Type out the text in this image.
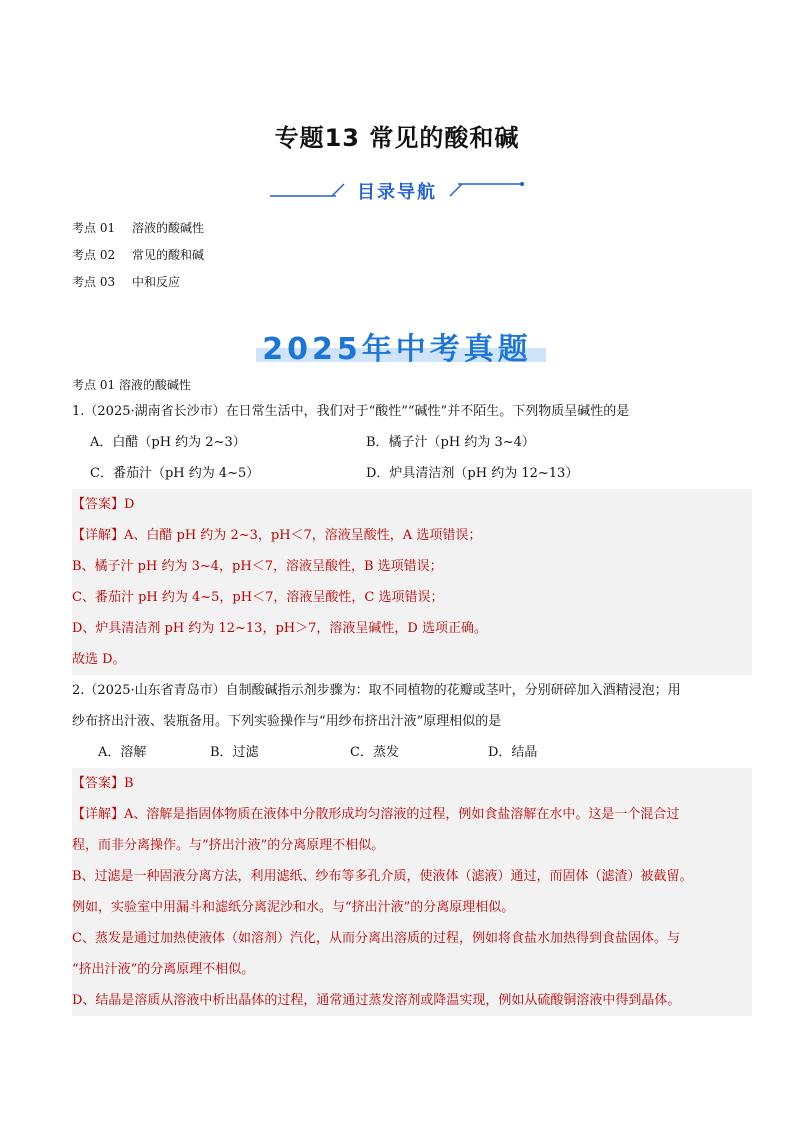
专题13 常见的酸和碱
目录导航
考点 01	溶液的酸碱性
考点 02	常见的酸和碱
考点 03	中和反应
2025年中考真题
考点 01 溶液的酸碱性
1.（2025·湖南省长沙市）在日常生活中，我们对于“酸性”“碱性”并不陌生。下列物质呈碱性的是
A．白醋（pH 约为 2~3）	B．橘子汁（pH 约为 3~4）
C．番茄汁（pH 约为 4~5）	D．炉具清洁剂（pH 约为 12~13）
【答案】D
【详解】A、白醋 pH 约为 2~3，pH＜7，溶液呈酸性，A 选项错误；
B、橘子汁 pH 约为 3~4，pH＜7，溶液呈酸性，B 选项错误；
C、番茄汁 pH 约为 4~5，pH＜7，溶液呈酸性，C 选项错误；
D、炉具清洁剂 pH 约为 12~13，pH＞7，溶液呈碱性，D 选项正确。
故选 D。
2.（2025·山东省青岛市）自制酸碱指示剂步骤为：取不同植物的花瓣或茎叶，分别研碎加入酒精浸泡；用
纱布挤出汁液、装瓶备用。下列实验操作与“用纱布挤出汁液”原理相似的是
A．溶解	B．过滤	C．蒸发	D．结晶
【答案】B
【详解】A、溶解是指固体物质在液体中分散形成均匀溶液的过程，例如食盐溶解在水中。这是一个混合过
程，而非分离操作。与“挤出汁液”的分离原理不相似。
B、过滤是一种固液分离方法，利用滤纸、纱布等多孔介质，使液体（滤液）通过，而固体（滤渣）被截留。
例如，实验室中用漏斗和滤纸分离泥沙和水。与“挤出汁液”的分离原理相似。
C、蒸发是通过加热使液体（如溶剂）汽化，从而分离出溶质的过程，例如将食盐水加热得到食盐固体。与
“挤出汁液”的分离原理不相似。
D、结晶是溶质从溶液中析出晶体的过程，通常通过蒸发溶剂或降温实现，例如从硫酸铜溶液中得到晶体。
